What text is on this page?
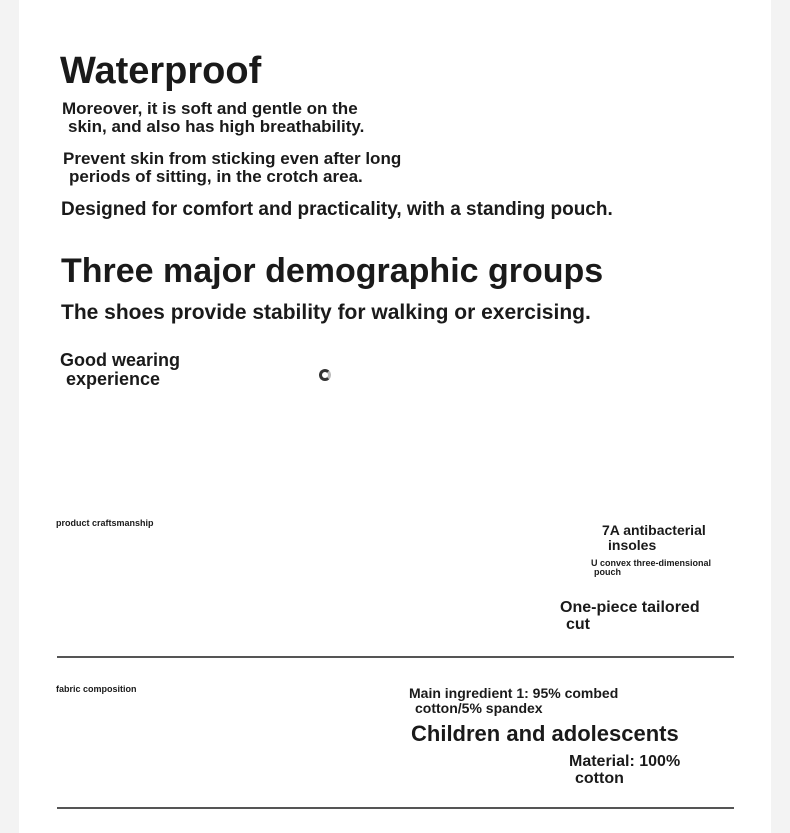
Waterproof

Moreover, it is soft and gentle on the
skin, and also has high breathability.

Prevent skin from sticking even after long
periods of sitting, in the crotch area.

Designed for comfort and practicality, with a standing pouch.

Three major demographic groups

The shoes provide stability for walking or exercising.

Good wearing
experience

product craftsmanship	7A antibacterial
insoles

U convex three-dimensional
pouch

One-piece tailored
cut

fabric composition	Main ingredient 1: 95% combed
cotton/5% spandex

Children and adolescents

Material: 100%
cotton
